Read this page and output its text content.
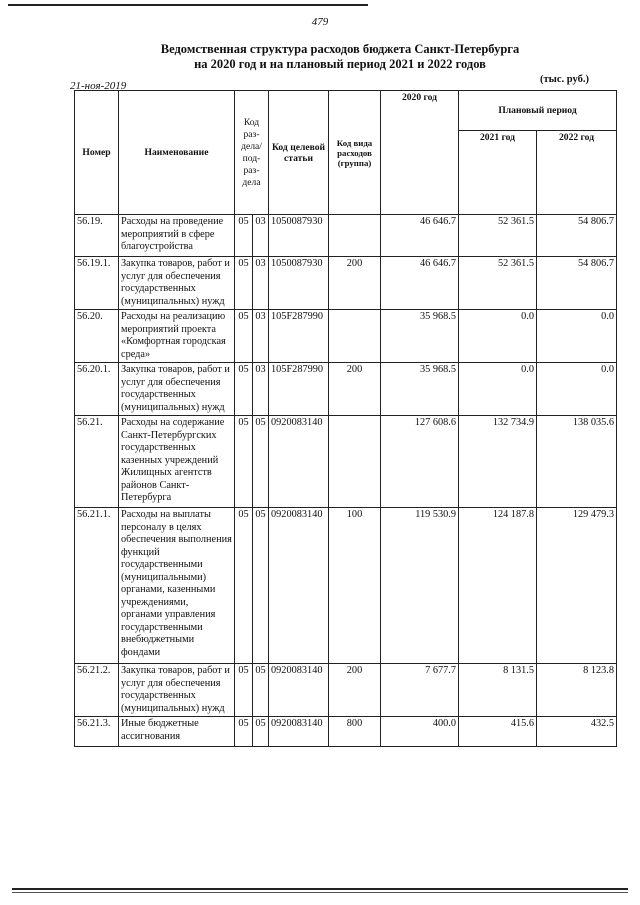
479
Ведомственная структура расходов бюджета Санкт-Петербурга
на 2020 год и на плановый период 2021 и 2022 годов
21-ноя-2019
(тыс. руб.)
Номер	Наименование	Код раз-дела/ под-раз-дела		Код целевой статьи	Код вида расходов (группа)	2020 год	Плановый период	
							2021 год	2022 год
56.19.	Расходы на проведение мероприятий в сфере благоустройства	05	03	1050087930		46 646.7	52 361.5	54 806.7
56.19.1.	Закупка товаров, работ и услуг для обеспечения государственных (муниципальных) нужд	05	03	1050087930	200	46 646.7	52 361.5	54 806.7
56.20.	Расходы на реализацию мероприятий проекта «Комфортная городская среда»	05	03	105F287990		35 968.5	0.0	0.0
56.20.1.	Закупка товаров, работ и услуг для обеспечения государственных (муниципальных) нужд	05	03	105F287990	200	35 968.5	0.0	0.0
56.21.	Расходы на содержание Санкт-Петербургских государственных казенных учреждений Жилищных агентств районов Санкт-Петербурга	05	05	0920083140		127 608.6	132 734.9	138 035.6
56.21.1.	Расходы на выплаты персоналу в целях обеспечения выполнения функций государственными (муниципальными) органами, казенными учреждениями, органами управления государственными внебюджетными фондами	05	05	0920083140	100	119 530.9	124 187.8	129 479.3
56.21.2.	Закупка товаров, работ и услуг для обеспечения государственных (муниципальных) нужд	05	05	0920083140	200	7 677.7	8 131.5	8 123.8
56.21.3.	Иные бюджетные ассигнования	05	05	0920083140	800	400.0	415.6	432.5
